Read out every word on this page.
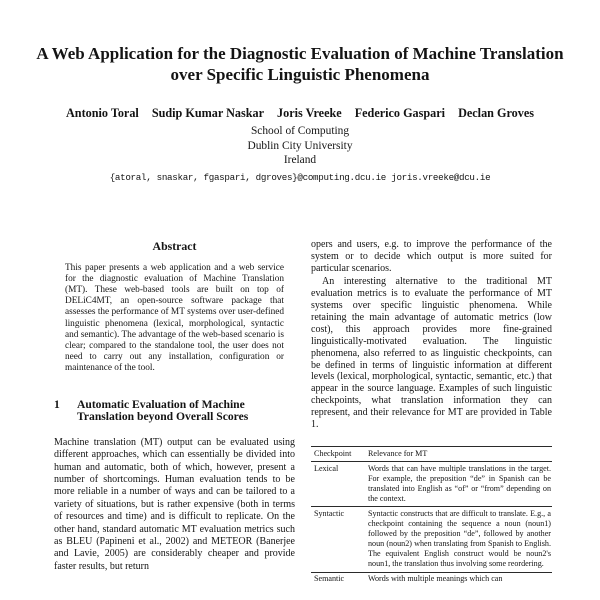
A Web Application for the Diagnostic Evaluation of Machine Translation
over Specific Linguistic Phenomena
Antonio Toral Sudip Kumar Naskar Joris Vreeke Federico Gaspari Declan Groves
School of Computing
Dublin City University
Ireland
{atoral, snaskar, fgaspari, dgroves}@computing.dcu.ie joris.vreeke@dcu.ie
Abstract
This paper presents a web application and a web service for the diagnostic evaluation of Machine Translation (MT). These web-based tools are built on top of DELiC4MT, an open-source software package that assesses the performance of MT systems over user-defined linguistic phenomena (lexical, morphological, syntactic and semantic). The advantage of the web-based scenario is clear; compared to the standalone tool, the user does not need to carry out any installation, configuration or maintenance of the tool.
1	Automatic Evaluation of Machine Translation beyond Overall Scores
Machine translation (MT) output can be evaluated using different approaches, which can essentially be divided into human and automatic, both of which, however, present a number of shortcomings. Human evaluation tends to be more reliable in a number of ways and can be tailored to a variety of situations, but is rather expensive (both in terms of resources and time) and is difficult to replicate. On the other hand, standard automatic MT evaluation metrics such as BLEU (Papineni et al., 2002) and METEOR (Banerjee and Lavie, 2005) are considerably cheaper and provide faster results, but return
opers and users, e.g. to improve the performance of the system or to decide which output is more suited for particular scenarios.
An interesting alternative to the traditional MT evaluation metrics is to evaluate the performance of MT systems over specific linguistic phenomena. While retaining the main advantage of automatic metrics (low cost), this approach provides more fine-grained linguistically-motivated evaluation. The linguistic phenomena, also referred to as linguistic checkpoints, can be defined in terms of linguistic information at different levels (lexical, morphological, syntactic, semantic, etc.) that appear in the source language. Examples of such linguistic checkpoints, what translation information they can represent, and their relevance for MT are provided in Table 1.
Checkpoint	Relevance for MT
Lexical	Words that can have multiple translations in the target. For example, the preposition “de” in Spanish can be translated into English as “of” or “from” depending on the context.
Syntactic	Syntactic constructs that are difficult to translate. E.g., a checkpoint containing the sequence a noun (noun1) followed by the preposition “de”, followed by another noun (noun2) when translating from Spanish to English. The equivalent English construct would be noun2's noun1, the translation thus involving some reordering.
Semantic	Words with multiple meanings which can
